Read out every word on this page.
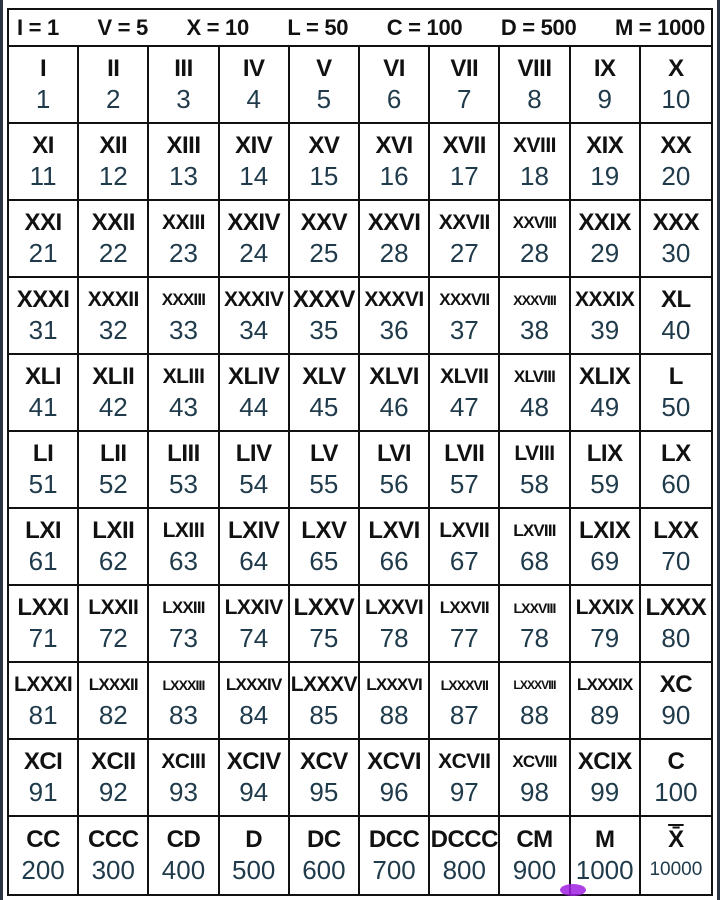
I = 1 V = 5 X = 10 L = 50 C = 100 D = 500 M = 1000
I
1
II
2
III
3
IV
4
V
5
VI
6
VII
7
VIII
8
IX
9
X
10
XI
11
XII
12
XIII
13
XIV
14
XV
15
XVI
16
XVII
17
XVIII
18
XIX
19
XX
20
XXI
21
XXII
22
XXIII
23
XXIV
24
XXV
25
XXVI
28
XXVII
27
XXVIII
28
XXIX
29
XXX
30
XXXI
31
XXXII
32
XXXIII
33
XXXIV
34
XXXV
35
XXXVI
36
XXXVII
37
XXXVIII
38
XXXIX
39
XL
40
XLI
41
XLII
42
XLIII
43
XLIV
44
XLV
45
XLVI
46
XLVII
47
XLVIII
48
XLIX
49
L
50
LI
51
LII
52
LIII
53
LIV
54
LV
55
LVI
56
LVII
57
LVIII
58
LIX
59
LX
60
LXI
61
LXII
62
LXIII
63
LXIV
64
LXV
65
LXVI
66
LXVII
67
LXVIII
68
LXIX
69
LXX
70
LXXI
71
LXXII
72
LXXIII
73
LXXIV
74
LXXV
75
LXXVI
78
LXXVII
77
LXXVIII
78
LXXIX
79
LXXX
80
LXXXI
81
LXXXII
82
LXXXIII
83
LXXXIV
84
LXXXV
85
LXXXVI
88
LXXXVII
87
LXXXVIII
88
LXXXIX
89
XC
90
XCI
91
XCII
92
XCIII
93
XCIV
94
XCV
95
XCVI
96
XCVII
97
XCVIII
98
XCIX
99
C
100
CC
200
CCC
300
CD
400
D
500
DC
600
DCC
700
DCCC
800
CM
900
M
1000
X̄
10000
